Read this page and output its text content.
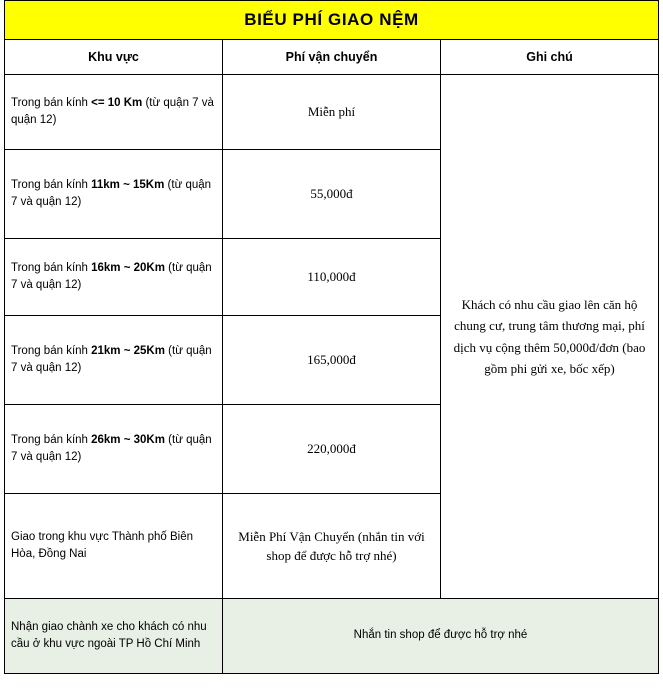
BIỂU PHÍ GIAO NỆM		
Khu vực	Phí vận chuyển	Ghi chú
Trong bán kính <= 10 Km (từ quận 7 và quận 12)	Miễn phí	Khách có nhu cầu giao lên căn hộ chung cư, trung tâm thương mại, phí dịch vụ cộng thêm 50,000đ/đơn (bao gồm phi gửi xe, bốc xếp)
Trong bán kính 11km ~ 15Km (từ quận 7 và quận 12)	55,000đ	
Trong bán kính 16km ~ 20Km (từ quận 7 và quận 12)	110,000đ	
Trong bán kính 21km ~ 25Km (từ quận 7 và quận 12)	165,000đ	
Trong bán kính 26km ~ 30Km (từ quận 7 và quận 12)	220,000đ	
Giao trong khu vực Thành phố Biên Hòa, Đồng Nai	Miễn Phí Vận Chuyển (nhắn tin với shop để được hỗ trợ nhé)	
Nhận giao chành xe cho khách có nhu cầu ở khu vực ngoài TP Hồ Chí Minh	Nhắn tin shop để được hỗ trợ nhé	
